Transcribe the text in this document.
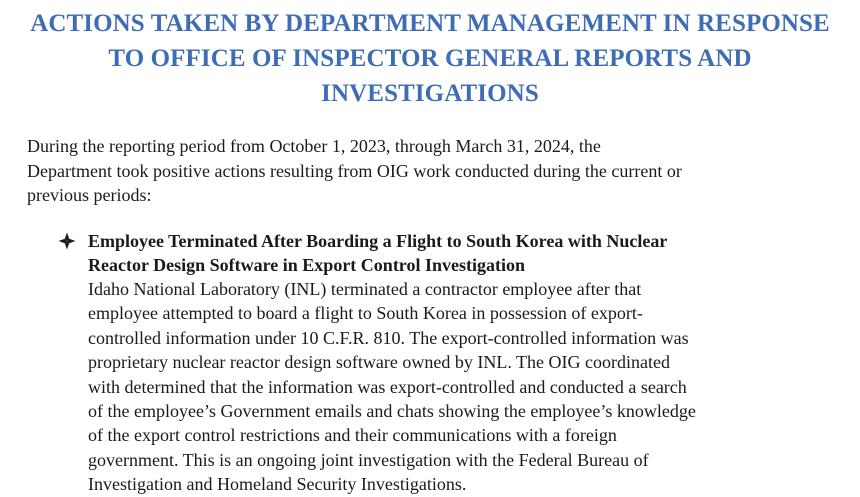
ACTIONS TAKEN BY DEPARTMENT MANAGEMENT IN RESPONSE
TO OFFICE OF INSPECTOR GENERAL REPORTS AND
INVESTIGATIONS

During the reporting period from October 1, 2023, through March 31, 2024, the
Department took positive actions resulting from OIG work conducted during the current or
previous periods:

Employee Terminated After Boarding a Flight to South Korea with Nuclear
Reactor Design Software in Export Control Investigation

Idaho National Laboratory (INL) terminated a contractor employee after that
employee attempted to board a flight to South Korea in possession of export-
controlled information under 10 C.F.R. 810. The export-controlled information was
proprietary nuclear reactor design software owned by INL. The OIG coordinated
with determined that the information was export-controlled and conducted a search
of the employee’s Government emails and chats showing the employee’s knowledge
of the export control restrictions and their communications with a foreign
government. This is an ongoing joint investigation with the Federal Bureau of
Investigation and Homeland Security Investigations.
